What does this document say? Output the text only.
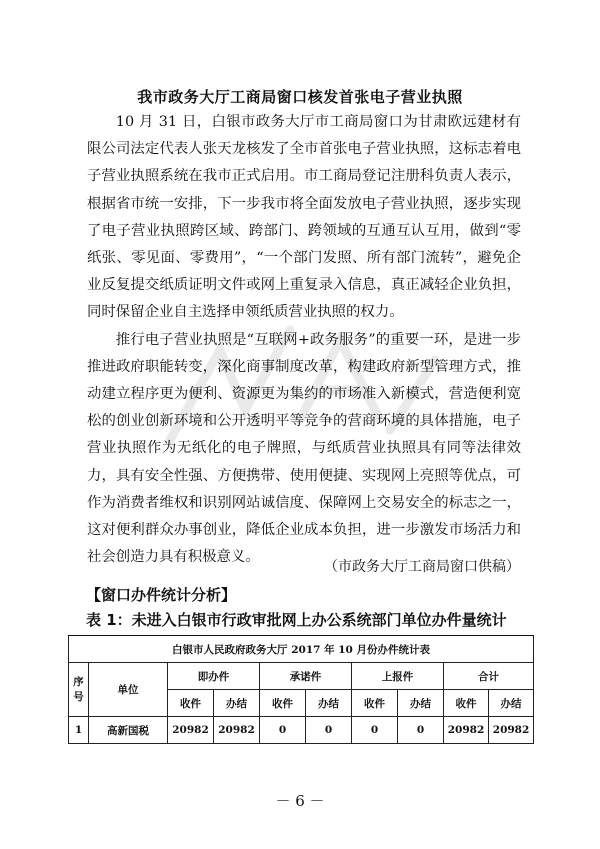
我市政务大厅工商局窗口核发首张电子营业执照

10 月 31 日，白银市政务大厅市工商局窗口为甘肃欧远建材有限公司法定代表人张天龙核发了全市首张电子营业执照，这标志着电子营业执照系统在我市正式启用。市工商局登记注册科负责人表示，根据省市统一安排，下一步我市将全面发放电子营业执照，逐步实现了电子营业执照跨区域、跨部门、跨领域的互通互认互用，做到“零纸张、零见面、零费用”，“一个部门发照、所有部门流转”，避免企业反复提交纸质证明文件或网上重复录入信息，真正减轻企业负担，同时保留企业自主选择申领纸质营业执照的权力。

推行电子营业执照是“互联网+政务服务”的重要一环，是进一步推进政府职能转变，深化商事制度改革，构建政府新型管理方式，推动建立程序更为便利、资源更为集约的市场准入新模式，营造便利宽松的创业创新环境和公开透明平等竞争的营商环境的具体措施，电子营业执照作为无纸化的电子牌照，与纸质营业执照具有同等法律效力，具有安全性强、方便携带、使用便捷、实现网上亮照等优点，可作为消费者维权和识别网站诚信度、保障网上交易安全的标志之一，这对便利群众办事创业，降低企业成本负担，进一步激发市场活力和社会创造力具有积极意义。

（市政务大厅工商局窗口供稿）
【窗口办件统计分析】
表 1：未进入白银市行政审批网上办公系统部门单位办件量统计
白银市人民政府政务大厅 2017 年 10 月份办件统计表									
序号	单位	即办件		承诺件		上报件		合计	
		收件	办结	收件	办结	收件	办结	收件	办结
1	高新国税	20982	20982	0	0	0	0	20982	20982
－ 6 －
